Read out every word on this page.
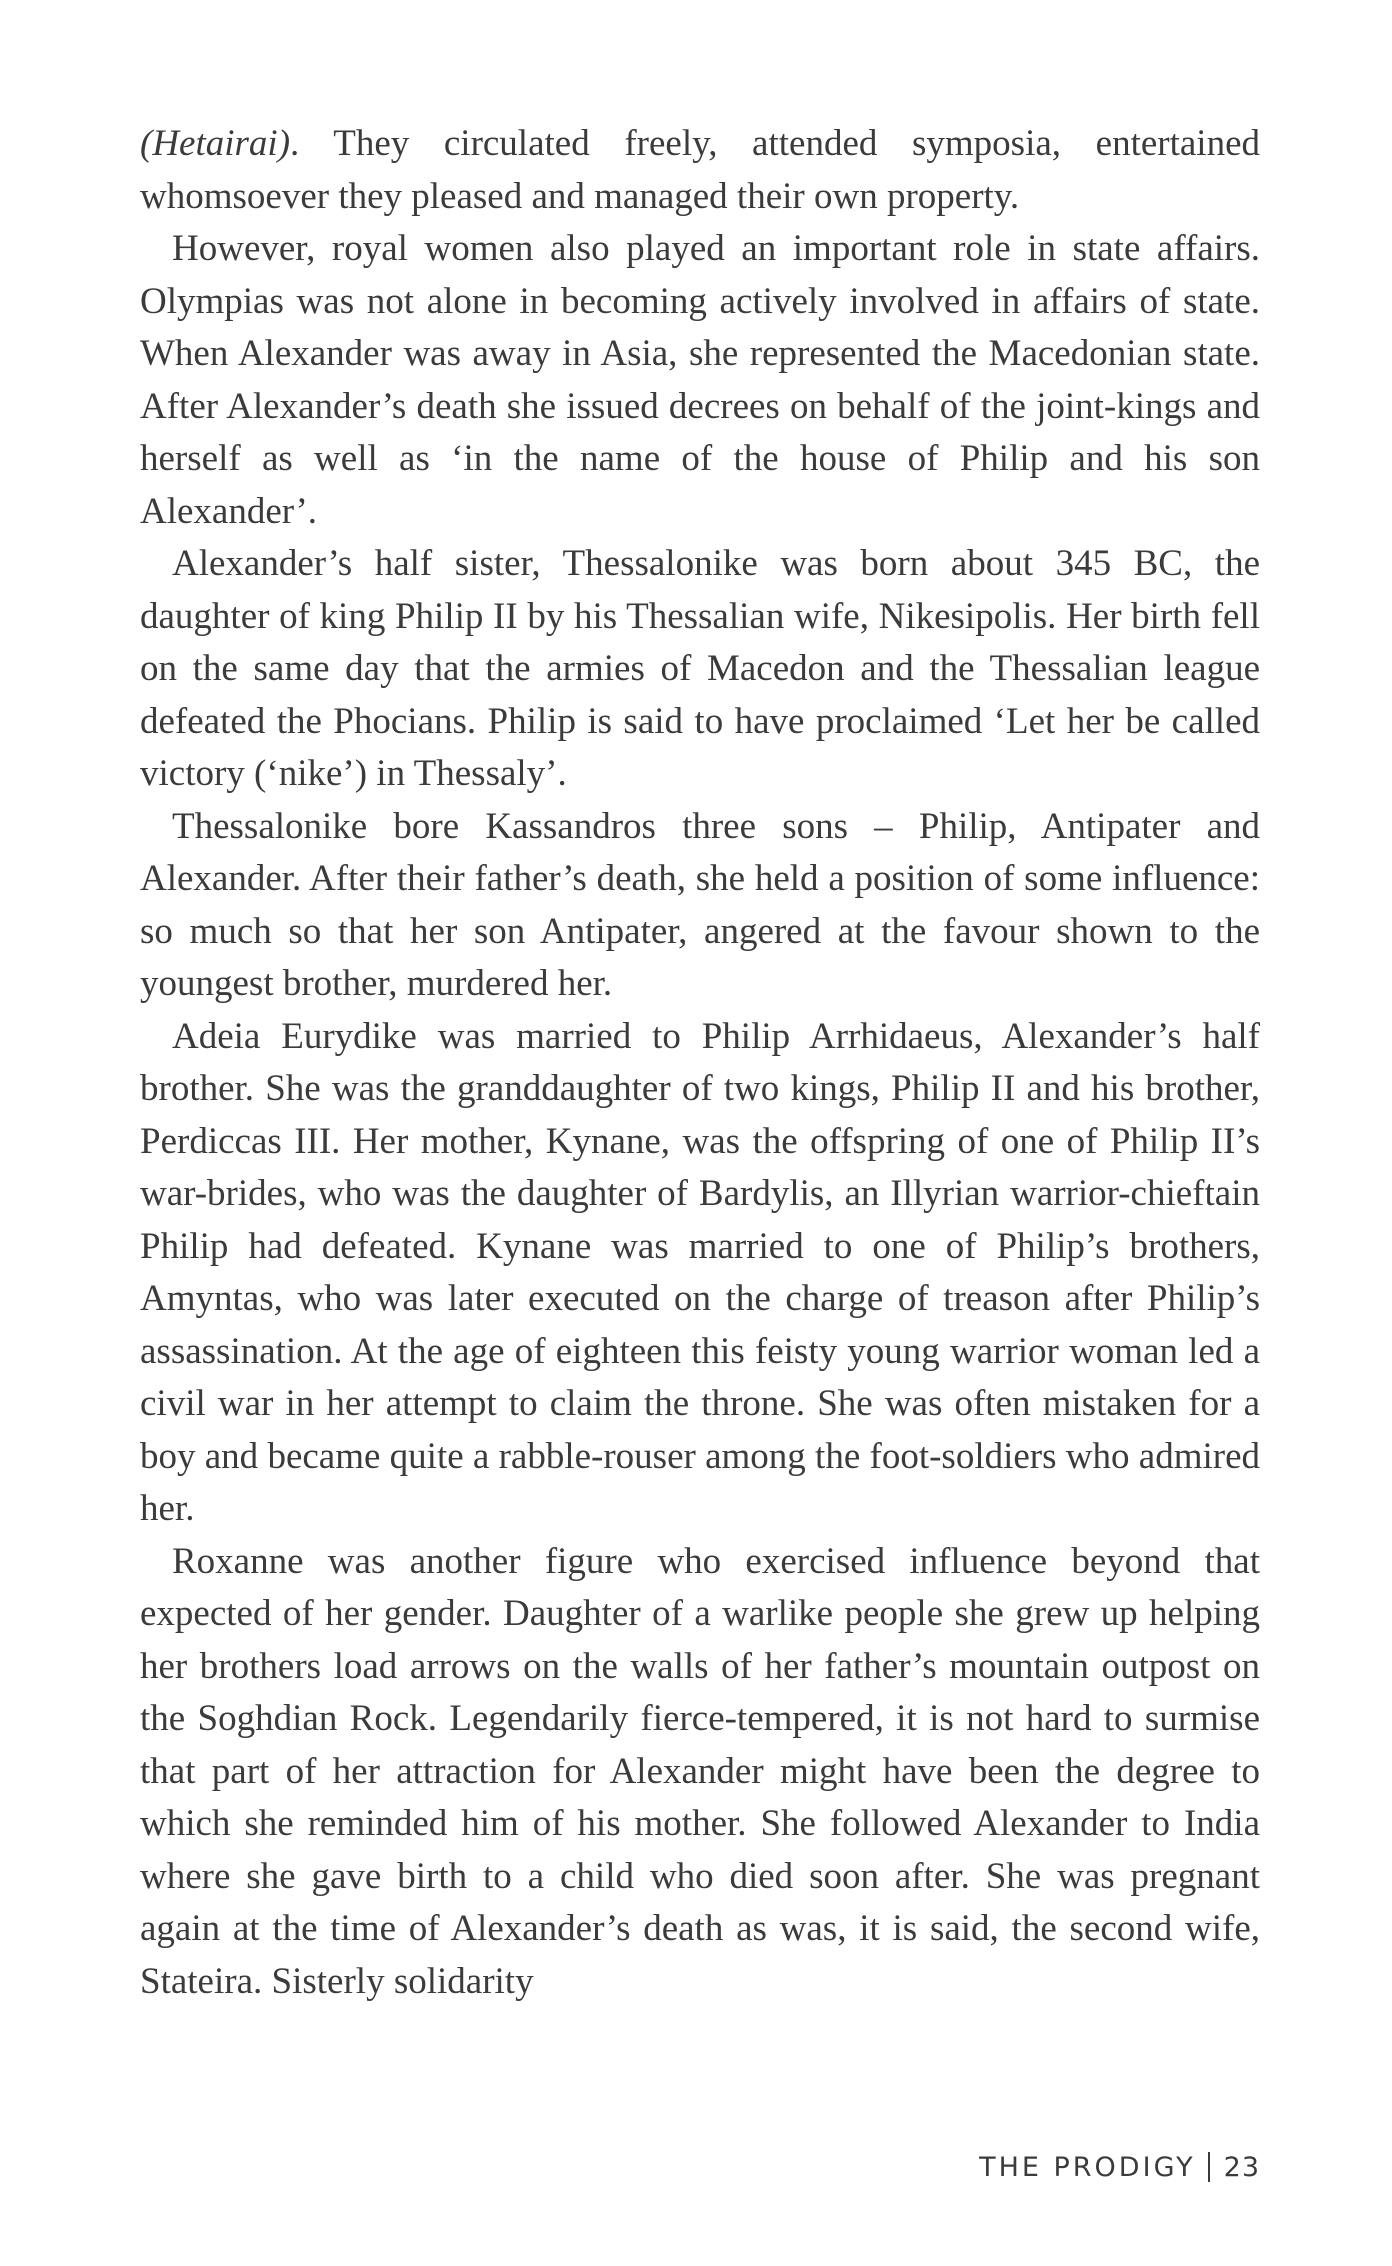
(Hetairai). They circulated freely, attended symposia, entertained whomsoever they pleased and managed their own property.

However, royal women also played an important role in state affairs. Olympias was not alone in becoming actively involved in affairs of state. When Alexander was away in Asia, she represented the Macedonian state. After Alexander’s death she issued decrees on behalf of the joint-kings and herself as well as ‘in the name of the house of Philip and his son Alexander’.

Alexander’s half sister, Thessalonike was born about 345 BC, the daughter of king Philip II by his Thessalian wife, Nikesipolis. Her birth fell on the same day that the armies of Macedon and the Thessalian league defeated the Phocians. Philip is said to have proclaimed ‘Let her be called victory (‘nike’) in Thessaly’.

Thessalonike bore Kassandros three sons – Philip, Antipater and Alexander. After their father’s death, she held a position of some influence: so much so that her son Antipater, angered at the favour shown to the youngest brother, murdered her.

Adeia Eurydike was married to Philip Arrhidaeus, Alexander’s half brother. She was the granddaughter of two kings, Philip II and his brother, Perdiccas III. Her mother, Kynane, was the offspring of one of Philip II’s war-brides, who was the daughter of Bardylis, an Illyrian warrior-chieftain Philip had defeated. Kynane was married to one of Philip’s brothers, Amyntas, who was later executed on the charge of treason after Philip’s assassination. At the age of eighteen this feisty young warrior woman led a civil war in her attempt to claim the throne. She was often mistaken for a boy and became quite a rabble-rouser among the foot-soldiers who admired her.

Roxanne was another figure who exercised influence beyond that expected of her gender. Daughter of a warlike people she grew up helping her brothers load arrows on the walls of her father’s mountain outpost on the Soghdian Rock. Legendarily fierce-tempered, it is not hard to surmise that part of her attraction for Alexander might have been the degree to which she reminded him of his mother. She followed Alexander to India where she gave birth to a child who died soon after. She was pregnant again at the time of Alexander’s death as was, it is said, the second wife, Stateira. Sisterly solidarity

THE PRODIGY 23
